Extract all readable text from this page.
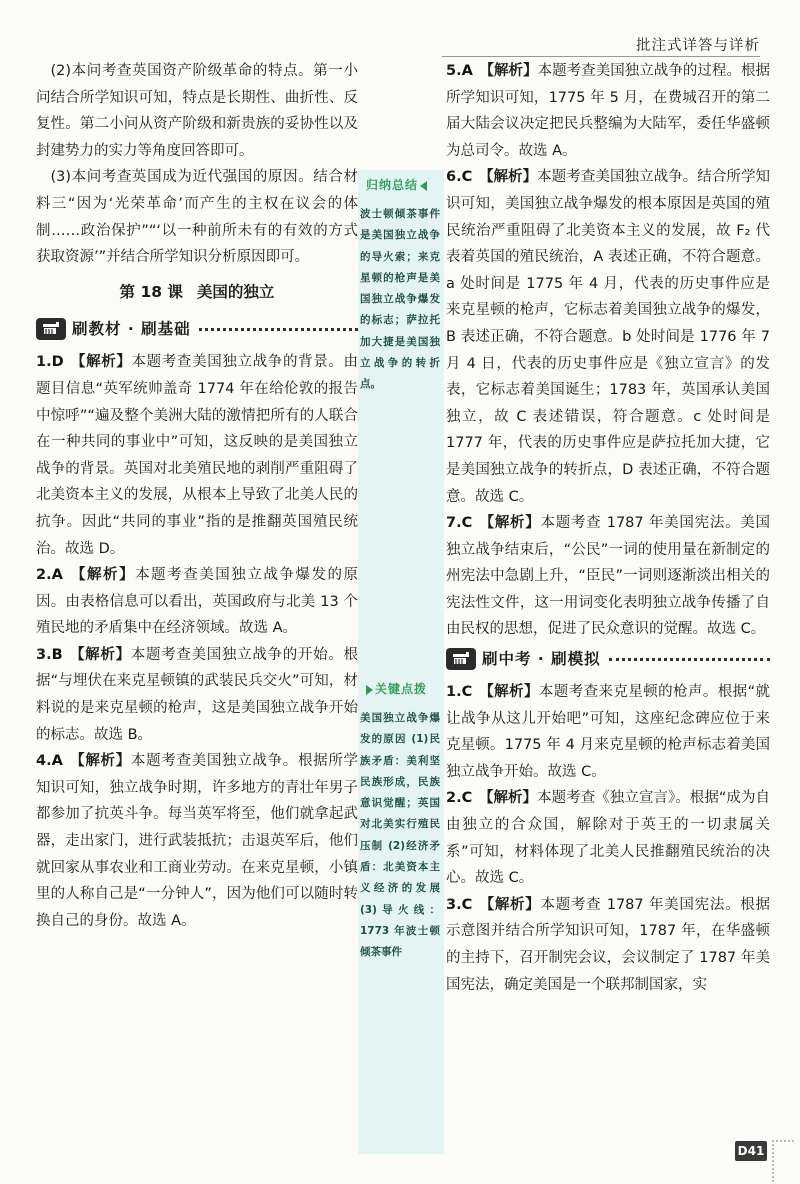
批注式详答与详析
归纳总结
波士顿倾茶事件是美国独立战争的导火索；来克星顿的枪声是美国独立战争爆发的标志；萨拉托加大捷是美国独立战争的转折点。
关键点拨
美国独立战争爆发的原因 (1)民族矛盾：美利坚民族形成，民族意识觉醒；英国对北美实行殖民压制 (2)经济矛盾：北美资本主义经济的发展 (3)导火线：1773 年波士顿倾茶事件

(2)本问考查英国资产阶级革命的特点。第一小问结合所学知识可知，特点是长期性、曲折性、反复性。第二小问从资产阶级和新贵族的妥协性以及封建势力的实力等角度回答即可。

(3)本问考查英国成为近代强国的原因。结合材料三“因为‘光荣革命’而产生的主权在议会的体制……政治保护”“‘以一种前所未有的有效的方式获取资源’”并结合所学知识分析原因即可。

第 18 课 美国的独立
刷教材 · 刷基础

1.D 【解析】本题考查美国独立战争的背景。由题目信息“英军统帅盖奇 1774 年在给伦敦的报告中惊呼”“遍及整个美洲大陆的激情把所有的人联合在一种共同的事业中”可知，这反映的是美国独立战争的背景。英国对北美殖民地的剥削严重阻碍了北美资本主义的发展，从根本上导致了北美人民的抗争。因此“共同的事业”指的是推翻英国殖民统治。故选 D。

2.A 【解析】本题考查美国独立战争爆发的原因。由表格信息可以看出，英国政府与北美 13 个殖民地的矛盾集中在经济领域。故选 A。

3.B 【解析】本题考查美国独立战争的开始。根据“与埋伏在来克星顿镇的武装民兵交火”可知，材料说的是来克星顿的枪声，这是美国独立战争开始的标志。故选 B。

4.A 【解析】本题考查美国独立战争。根据所学知识可知，独立战争时期，许多地方的青壮年男子都参加了抗英斗争。每当英军将至，他们就拿起武器，走出家门，进行武装抵抗；击退英军后，他们就回家从事农业和工商业劳动。在来克星顿，小镇里的人称自己是“一分钟人”，因为他们可以随时转换自己的身份。故选 A。

5.A 【解析】本题考查美国独立战争的过程。根据所学知识可知，1775 年 5 月，在费城召开的第二届大陆会议决定把民兵整编为大陆军，委任华盛顿为总司令。故选 A。

6.C 【解析】本题考查美国独立战争。结合所学知识可知，美国独立战争爆发的根本原因是英国的殖民统治严重阻碍了北美资本主义的发展，故 F₂ 代表着英国的殖民统治，A 表述正确，不符合题意。a 处时间是 1775 年 4 月，代表的历史事件应是来克星顿的枪声，它标志着美国独立战争的爆发，B 表述正确，不符合题意。b 处时间是 1776 年 7 月 4 日，代表的历史事件应是《独立宣言》的发表，它标志着美国诞生；1783 年，英国承认美国独立，故 C 表述错误，符合题意。c 处时间是 1777 年，代表的历史事件应是萨拉托加大捷，它是美国独立战争的转折点，D 表述正确，不符合题意。故选 C。

7.C 【解析】本题考查 1787 年美国宪法。美国独立战争结束后，“公民”一词的使用量在新制定的州宪法中急剧上升，“臣民”一词则逐渐淡出相关的宪法性文件，这一用词变化表明独立战争传播了自由民权的思想，促进了民众意识的觉醒。故选 C。

刷中考 · 刷模拟

1.C 【解析】本题考查来克星顿的枪声。根据“就让战争从这儿开始吧”可知，这座纪念碑应位于来克星顿。1775 年 4 月来克星顿的枪声标志着美国独立战争开始。故选 C。

2.C 【解析】本题考查《独立宣言》。根据“成为自由独立的合众国，解除对于英王的一切隶属关系”可知，材料体现了北美人民推翻殖民统治的决心。故选 C。

3.C 【解析】本题考查 1787 年美国宪法。根据示意图并结合所学知识可知，1787 年，在华盛顿的主持下，召开制宪会议，会议制定了 1787 年美国宪法，确定美国是一个联邦制国家，实

D41
